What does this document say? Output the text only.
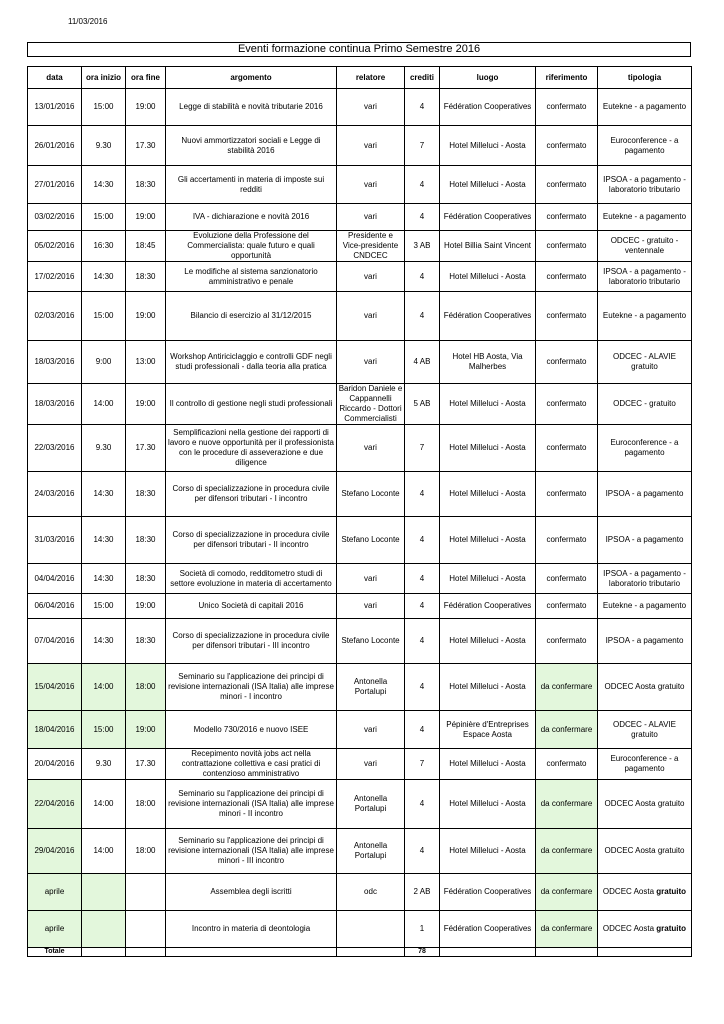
11/03/2016
Eventi formazione continua Primo Semestre 2016
data	ora inizio	ora fine	argomento	relatore	crediti	luogo	riferimento	tipologia
13/01/2016	15:00	19:00	Legge di stabilità e novità tributarie 2016	vari	4	Fédération Cooperatives	confermato	Eutekne - a pagamento
26/01/2016	9.30	17.30	Nuovi ammortizzatori sociali e Legge di stabilità 2016	vari	7	Hotel Milleluci - Aosta	confermato	Euroconference - a pagamento
27/01/2016	14:30	18:30	Gli accertamenti in materia di imposte sui redditi	vari	4	Hotel Milleluci - Aosta	confermato	IPSOA - a pagamento - laboratorio tributario
03/02/2016	15:00	19:00	IVA - dichiarazione e novità 2016	vari	4	Fédération Cooperatives	confermato	Eutekne - a pagamento
05/02/2016	16:30	18:45	Evoluzione della Professione del Commercialista: quale futuro e quali opportunità	Presidente e Vice-presidente CNDCEC	3 AB	Hotel Billia Saint Vincent	confermato	ODCEC - gratuito - ventennale
17/02/2016	14:30	18:30	Le modifiche al sistema sanzionatorio amministrativo e penale	vari	4	Hotel Milleluci - Aosta	confermato	IPSOA - a pagamento - laboratorio tributario
02/03/2016	15:00	19:00	Bilancio di esercizio al 31/12/2015	vari	4	Fédération Cooperatives	confermato	Eutekne - a pagamento
18/03/2016	9:00	13:00	Workshop Antiriciclaggio e controlli GDF negli studi professionali - dalla teoria alla pratica	vari	4 AB	Hotel HB Aosta, Via Malherbes	confermato	ODCEC - ALAVIE gratuito
18/03/2016	14:00	19:00	Il controllo di gestione negli studi professionali	Baridon Daniele e Cappannelli Riccardo - Dottori Commercialisti	5 AB	Hotel Milleluci - Aosta	confermato	ODCEC - gratuito
22/03/2016	9.30	17.30	Semplificazioni nella gestione dei rapporti di lavoro e nuove opportunità per il professionista con le procedure di asseverazione e due diligence	vari	7	Hotel Milleluci - Aosta	confermato	Euroconference - a pagamento
24/03/2016	14:30	18:30	Corso di specializzazione in procedura civile per difensori tributari - I incontro	Stefano Loconte	4	Hotel Milleluci - Aosta	confermato	IPSOA - a pagamento
31/03/2016	14:30	18:30	Corso di specializzazione in procedura civile per difensori tributari - II incontro	Stefano Loconte	4	Hotel Milleluci - Aosta	confermato	IPSOA - a pagamento
04/04/2016	14:30	18:30	Società di comodo, redditometro studi di settore evoluzione in materia di accertamento	vari	4	Hotel Milleluci - Aosta	confermato	IPSOA - a pagamento - laboratorio tributario
06/04/2016	15:00	19:00	Unico Società di capitali 2016	vari	4	Fédération Cooperatives	confermato	Eutekne - a pagamento
07/04/2016	14:30	18:30	Corso di specializzazione in procedura civile per difensori tributari - III incontro	Stefano Loconte	4	Hotel Milleluci - Aosta	confermato	IPSOA - a pagamento
15/04/2016	14:00	18:00	Seminario su l'applicazione dei principi di revisione internazionali (ISA Italia) alle imprese minori - I incontro	Antonella Portalupi	4	Hotel Milleluci - Aosta	da confermare	ODCEC Aosta gratuito
18/04/2016	15:00	19:00	Modello 730/2016 e nuovo ISEE	vari	4	Pépinière d'Entreprises Espace Aosta	da confermare	ODCEC - ALAVIE gratuito
20/04/2016	9.30	17.30	Recepimento novità jobs act nella contrattazione collettiva e casi pratici di contenzioso amministrativo	vari	7	Hotel Milleluci - Aosta	confermato	Euroconference - a pagamento
22/04/2016	14:00	18:00	Seminario su l'applicazione dei principi di revisione internazionali (ISA Italia) alle imprese minori - II incontro	Antonella Portalupi	4	Hotel Milleluci - Aosta	da confermare	ODCEC Aosta gratuito
29/04/2016	14:00	18:00	Seminario su l'applicazione dei principi di revisione internazionali (ISA Italia) alle imprese minori - III incontro	Antonella Portalupi	4	Hotel Milleluci - Aosta	da confermare	ODCEC Aosta gratuito
aprile			Assemblea degli iscritti	odc	2 AB	Fédération Cooperatives	da confermare	ODCEC Aosta gratuito
aprile			Incontro in materia di deontologia		1	Fédération Cooperatives	da confermare	ODCEC Aosta gratuito
Totale					78			
